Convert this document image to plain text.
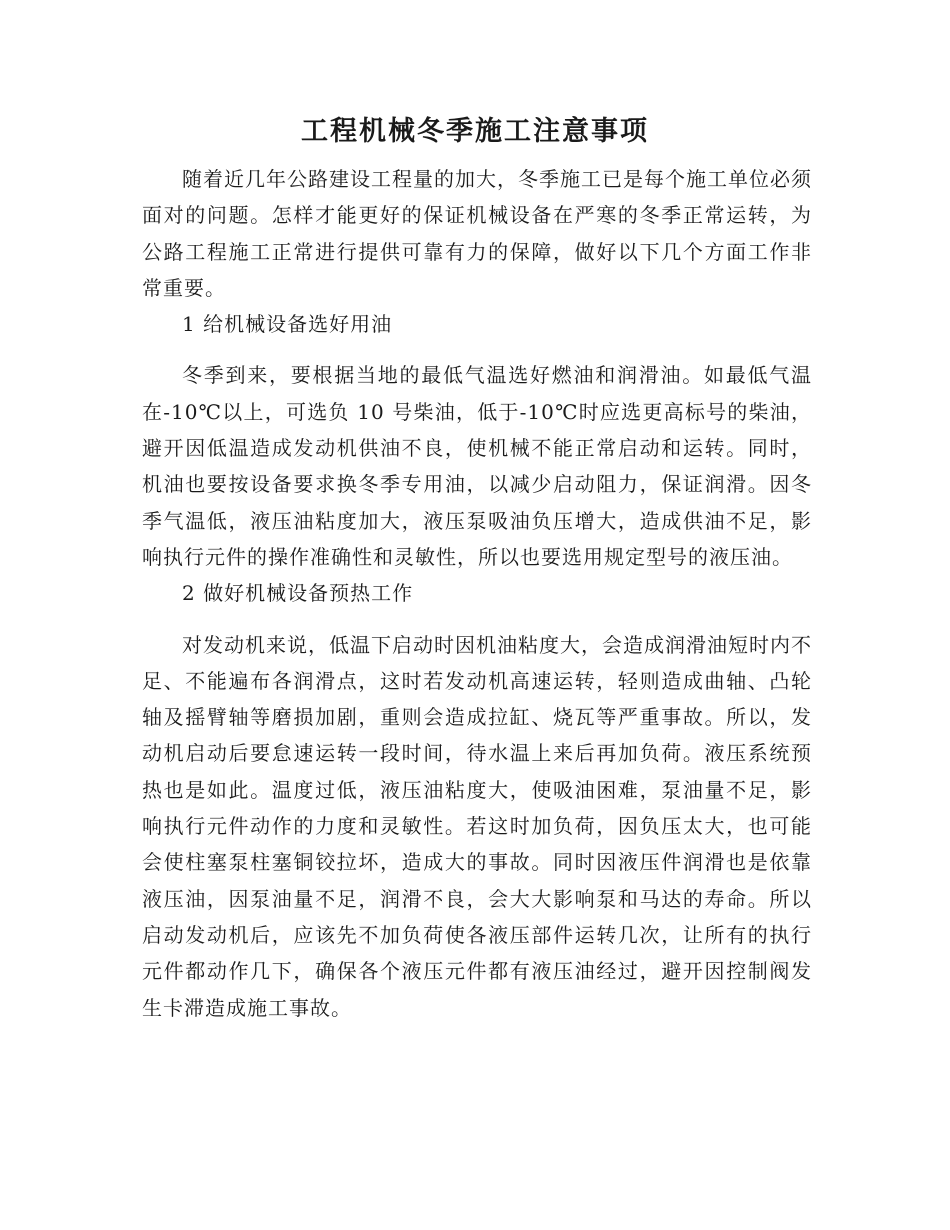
工程机械冬季施工注意事项

随着近几年公路建设工程量的加大，冬季施工已是每个施工单位必须面对的问题。怎样才能更好的保证机械设备在严寒的冬季正常运转，为公路工程施工正常进行提供可靠有力的保障，做好以下几个方面工作非常重要。

1 给机械设备选好用油

冬季到来，要根据当地的最低气温选好燃油和润滑油。如最低气温在-10℃以上，可选负 10 号柴油，低于-10℃时应选更高标号的柴油，避开因低温造成发动机供油不良，使机械不能正常启动和运转。同时，机油也要按设备要求换冬季专用油，以减少启动阻力，保证润滑。因冬季气温低，液压油粘度加大，液压泵吸油负压增大，造成供油不足，影响执行元件的操作准确性和灵敏性，所以也要选用规定型号的液压油。

2 做好机械设备预热工作

对发动机来说，低温下启动时因机油粘度大，会造成润滑油短时内不足、不能遍布各润滑点，这时若发动机高速运转，轻则造成曲轴、凸轮轴及摇臂轴等磨损加剧，重则会造成拉缸、烧瓦等严重事故。所以，发动机启动后要怠速运转一段时间，待水温上来后再加负荷。液压系统预热也是如此。温度过低，液压油粘度大，使吸油困难，泵油量不足，影响执行元件动作的力度和灵敏性。若这时加负荷，因负压太大，也可能会使柱塞泵柱塞铜铰拉坏，造成大的事故。同时因液压件润滑也是依靠液压油，因泵油量不足，润滑不良，会大大影响泵和马达的寿命。所以启动发动机后，应该先不加负荷使各液压部件运转几次，让所有的执行元件都动作几下，确保各个液压元件都有液压油经过，避开因控制阀发生卡滞造成施工事故。
